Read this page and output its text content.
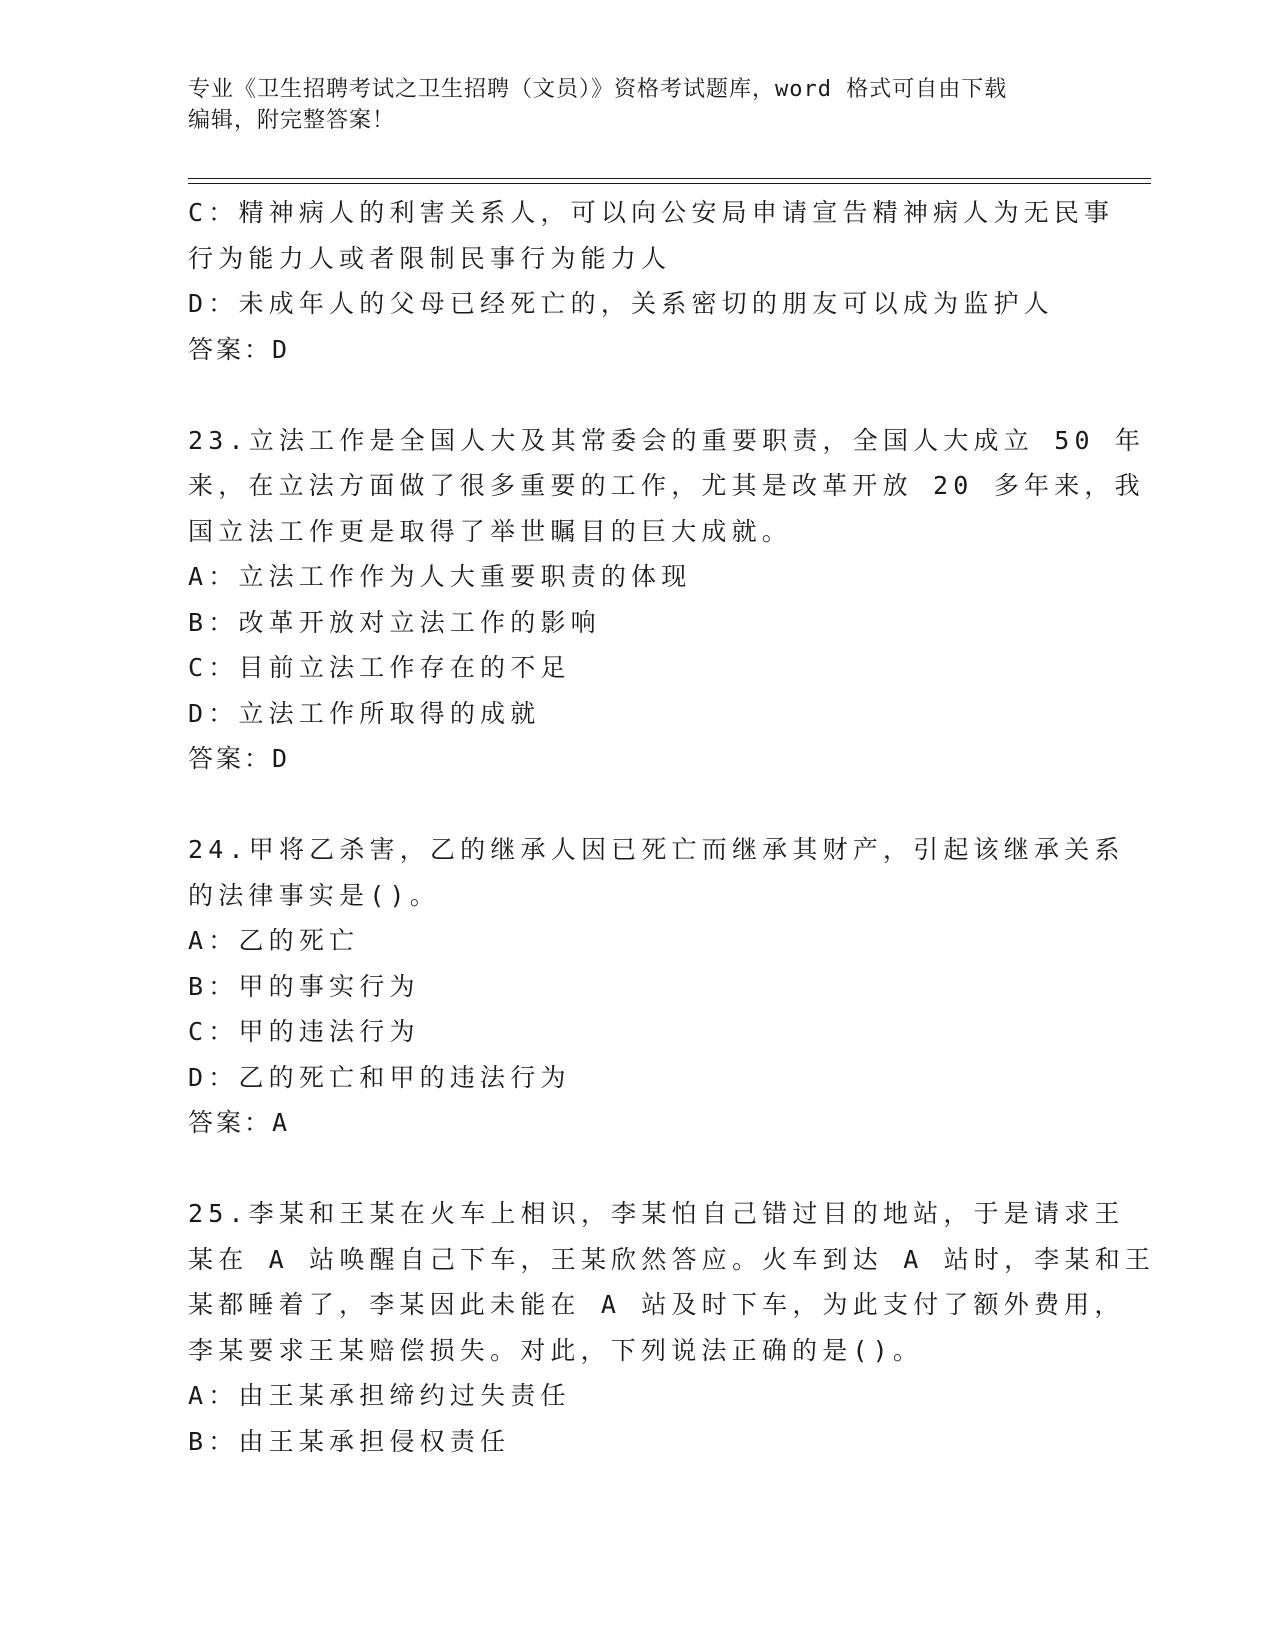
专业《卫生招聘考试之卫生招聘（文员）》资格考试题库，word 格式可自由下载
编辑，附完整答案！
C：精神病人的利害关系人，可以向公安局申请宣告精神病人为无民事
行为能力人或者限制民事行为能力人
D：未成年人的父母已经死亡的，关系密切的朋友可以成为监护人
答案：D
23.立法工作是全国人大及其常委会的重要职责，全国人大成立 50 年
来，在立法方面做了很多重要的工作，尤其是改革开放 20 多年来，我
国立法工作更是取得了举世瞩目的巨大成就。
A：立法工作作为人大重要职责的体现
B：改革开放对立法工作的影响
C：目前立法工作存在的不足
D：立法工作所取得的成就
答案：D
24.甲将乙杀害，乙的继承人因已死亡而继承其财产，引起该继承关系
的法律事实是()。
A：乙的死亡
B：甲的事实行为
C：甲的违法行为
D：乙的死亡和甲的违法行为
答案：A
25.李某和王某在火车上相识，李某怕自己错过目的地站，于是请求王
某在 A 站唤醒自己下车，王某欣然答应。火车到达 A 站时，李某和王
某都睡着了，李某因此未能在 A 站及时下车，为此支付了额外费用，
李某要求王某赔偿损失。对此，下列说法正确的是()。
A：由王某承担缔约过失责任
B：由王某承担侵权责任
